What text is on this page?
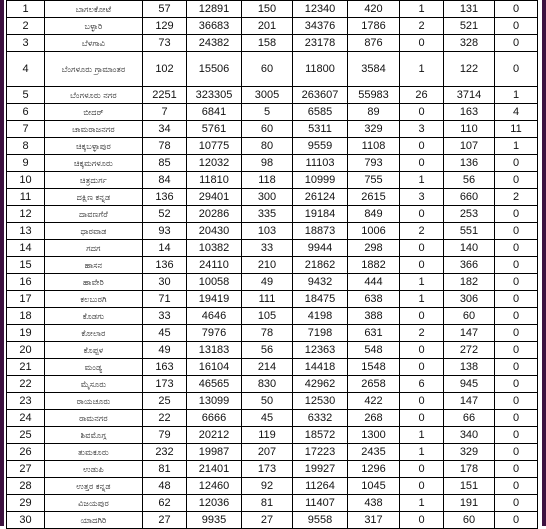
1	ಬಾಗಲಕೋಟೆ	57	12891	150	12340	420	1	131	0
2	ಬಳ್ಳಾರಿ	129	36683	201	34376	1786	2	521	0
3	ಬೆಳಗಾವಿ	73	24382	158	23178	876	0	328	0
4	ಬೆಂಗಳೂರು ಗ್ರಾಮಾಂತರ	102	15506	60	11800	3584	1	122	0
5	ಬೆಂಗಳೂರು ನಗರ	2251	323305	3005	263607	55983	26	3714	1
6	ಬೀದರ್	7	6841	5	6585	89	0	163	4
7	ಚಾಮರಾಜನಗರ	34	5761	60	5311	329	3	110	11
8	ಚಿಕ್ಕಬಳ್ಳಾಪುರ	78	10775	80	9559	1108	0	107	1
9	ಚಿಕ್ಕಮಗಳೂರು	85	12032	98	11103	793	0	136	0
10	ಚಿತ್ರದುರ್ಗ	84	11810	118	10999	755	1	56	0
11	ದಕ್ಷಿಣ ಕನ್ನಡ	136	29401	300	26124	2615	3	660	2
12	ದಾವಣಗೆರೆ	52	20286	335	19184	849	0	253	0
13	ಧಾರವಾಡ	93	20430	103	18873	1006	2	551	0
14	ಗದಗ	14	10382	33	9944	298	0	140	0
15	ಹಾಸನ	136	24110	210	21862	1882	0	366	0
16	ಹಾವೇರಿ	30	10058	49	9432	444	1	182	0
17	ಕಲಬುರಗಿ	71	19419	111	18475	638	1	306	0
18	ಕೊಡಗು	33	4646	105	4198	388	0	60	0
19	ಕೋಲಾರ	45	7976	78	7198	631	2	147	0
20	ಕೊಪ್ಪಳ	49	13183	56	12363	548	0	272	0
21	ಮಂಡ್ಯ	163	16104	214	14418	1548	0	138	0
22	ಮೈಸೂರು	173	46565	830	42962	2658	6	945	0
23	ರಾಯಚೂರು	25	13099	50	12530	422	0	147	0
24	ರಾಮನಗರ	22	6666	45	6332	268	0	66	0
25	ಶಿವಮೊಗ್ಗ	79	20212	119	18572	1300	1	340	0
26	ತುಮಕೂರು	232	19987	207	17223	2435	1	329	0
27	ಉಡುಪಿ	81	21401	173	19927	1296	0	178	0
28	ಉತ್ತರ ಕನ್ನಡ	48	12460	92	11264	1045	0	151	0
29	ವಿಜಯಪುರ	62	12036	81	11407	438	1	191	0
30	ಯಾದಗಿರಿ	27	9935	27	9558	317	0	60	0
